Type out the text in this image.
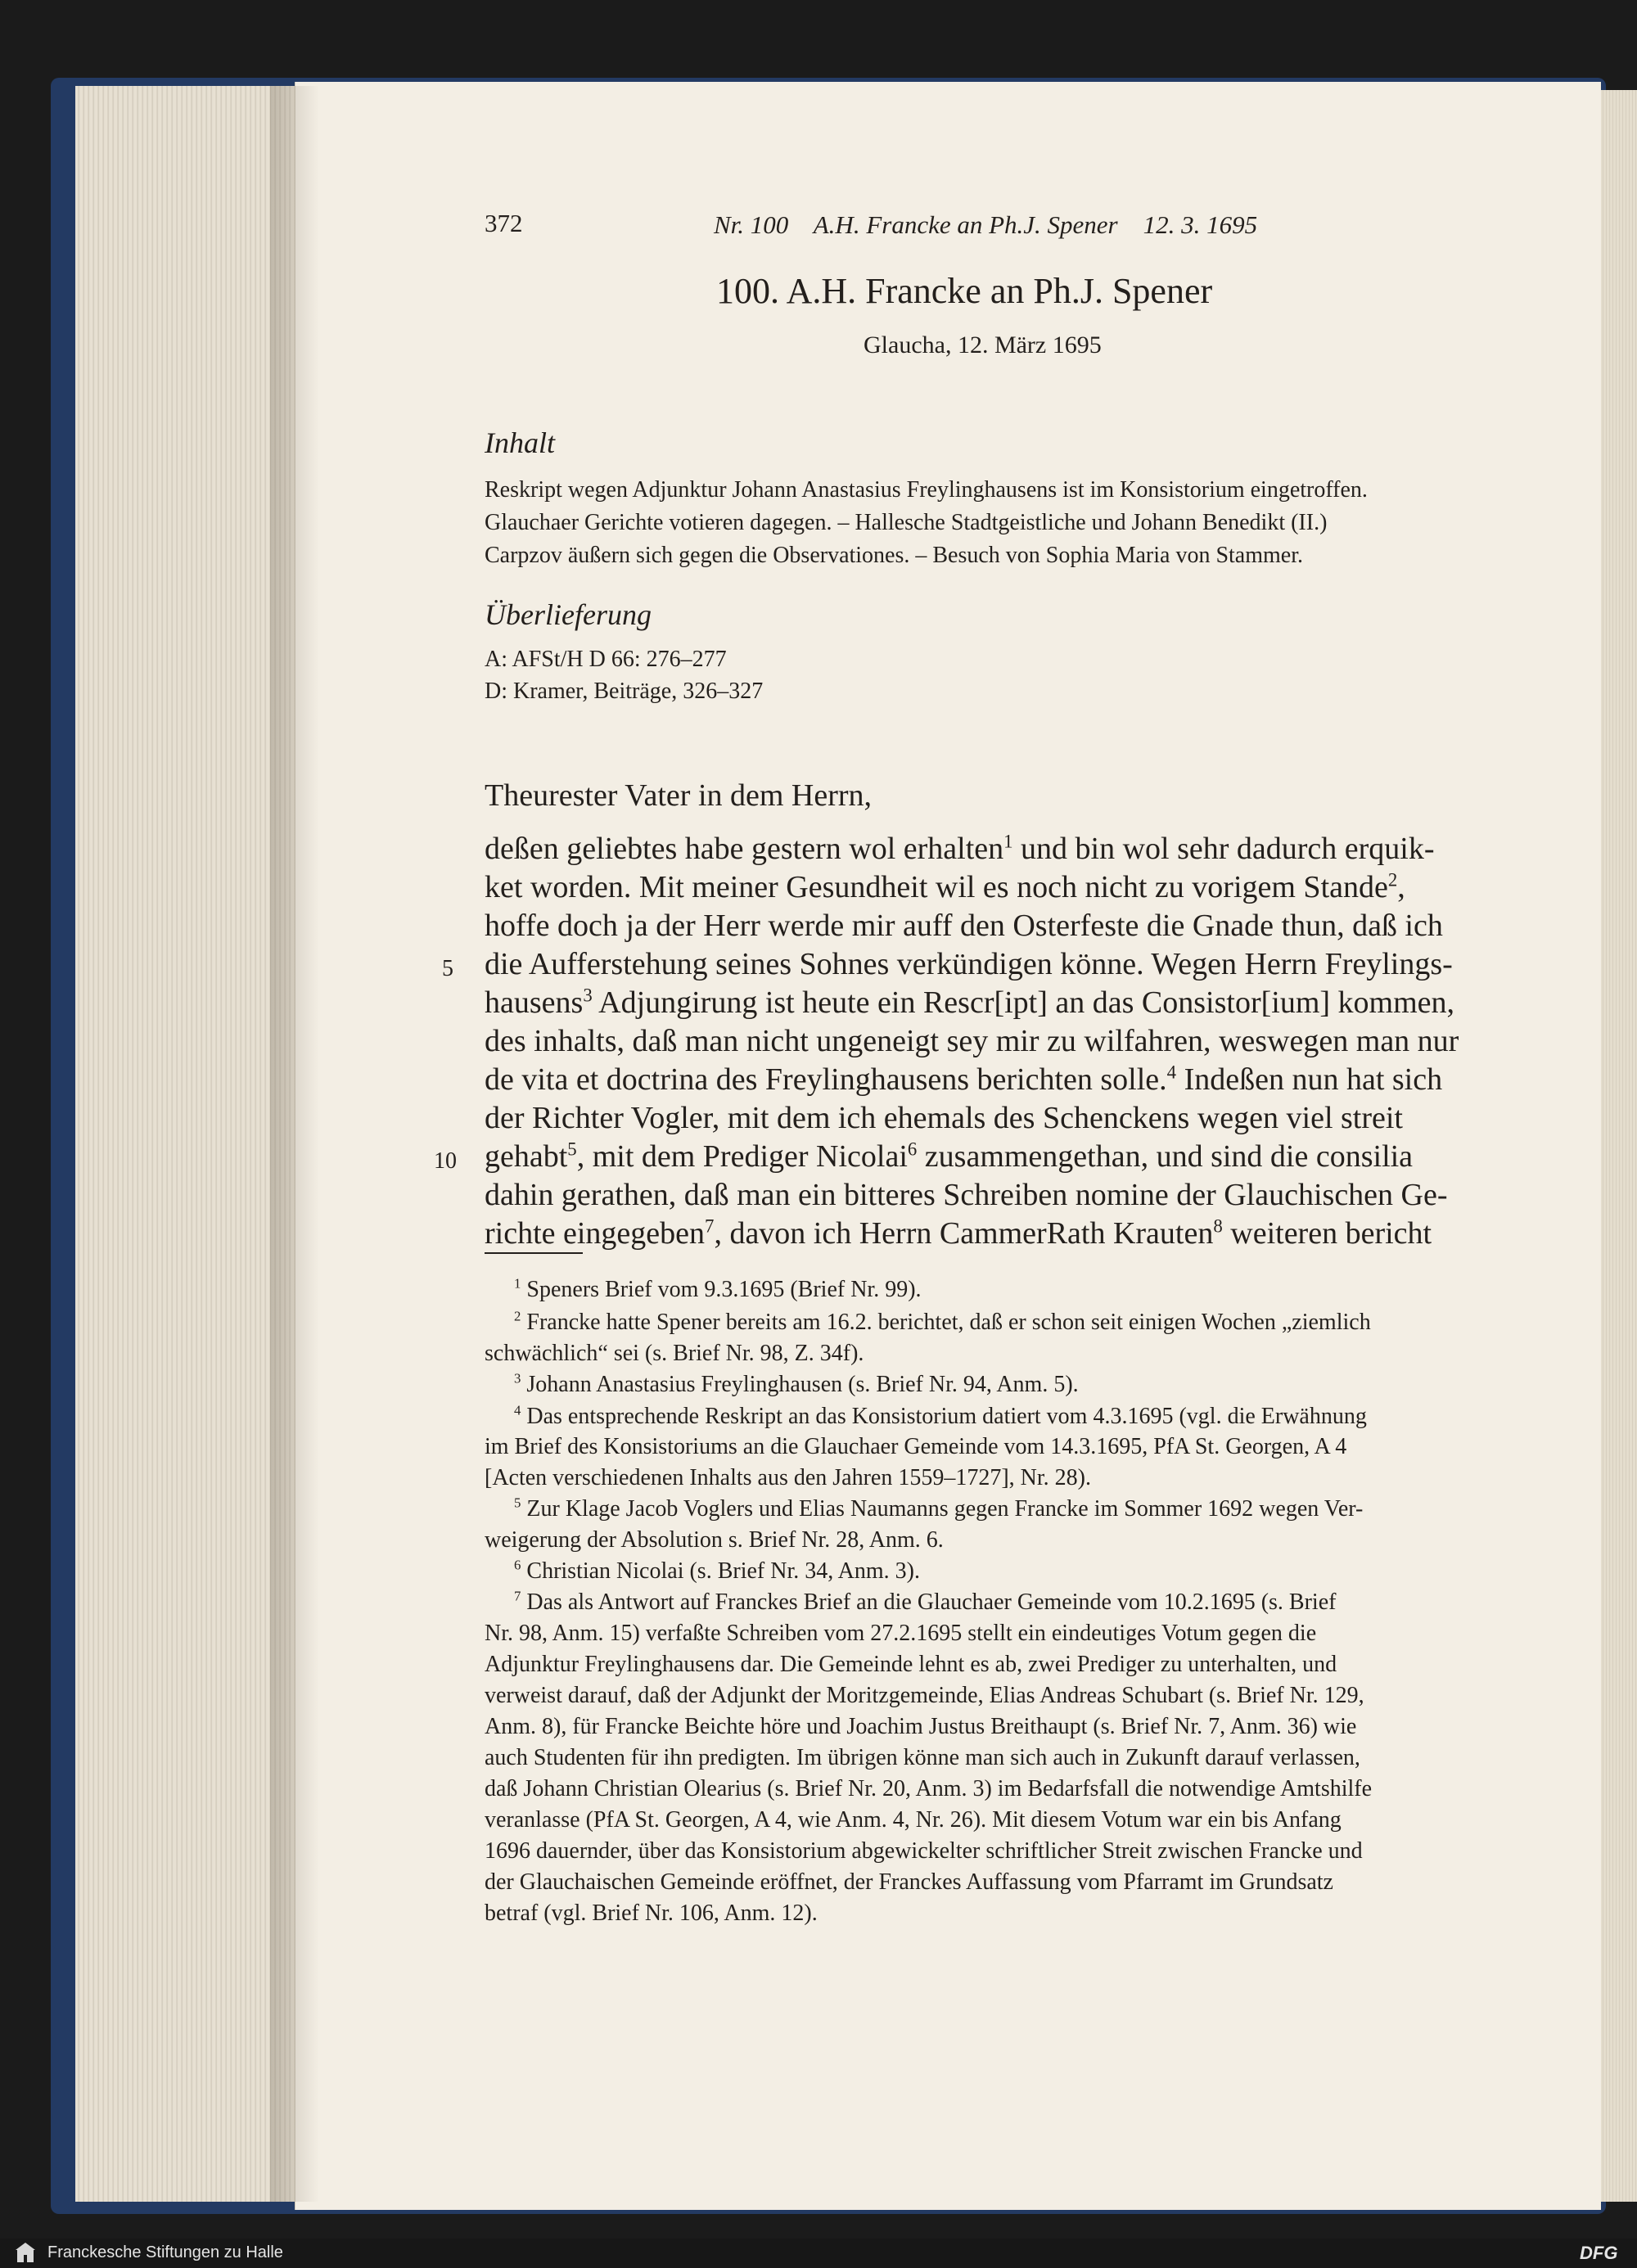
372	Nr. 100    A.H. Francke an Ph.J. Spener    12. 3. 1695
100. A.H. Francke an Ph.J. Spener
Glaucha, 12. März 1695
Inhalt
Reskript wegen Adjunktur Johann Anastasius Freylinghausens ist im Konsistorium eingetroffen.
Glauchaer Gerichte votieren dagegen. – Hallesche Stadtgeistliche und Johann Benedikt (II.)
Carpzov äußern sich gegen die Observationes. – Besuch von Sophia Maria von Stammer.
Überlieferung
A: AFSt/H D 66: 276–277
D: Kramer, Beiträge, 326–327
Theurester Vater in dem Herrn,
deßen geliebtes habe gestern wol erhalten$^1$ und bin wol sehr dadurch erquik-
ket worden. Mit meiner Gesundheit wil es noch nicht zu vorigem Stande$^2$,
hoffe doch ja der Herr werde mir auff den Osterfeste die Gnade thun, daß ich
die Aufferstehung seines Sohnes verkündigen könne. Wegen Herrn Freylings-
hausens$^3$ Adjungirung ist heute ein Rescr[ipt] an das Consistor[ium] kommen,
des inhalts, daß man nicht ungeneigt sey mir zu wilfahren, weswegen man nur
de vita et doctrina des Freylinghausens berichten solle.$^4$ Indeßen nun hat sich
der Richter Vogler, mit dem ich ehemals des Schenckens wegen viel streit
gehabt$^5$, mit dem Prediger Nicolai$^6$ zusammengethan, und sind die consilia
dahin gerathen, daß man ein bitteres Schreiben nomine der Glauchischen Ge-
richte eingegeben$^7$, davon ich Herrn CammerRath Krauten$^8$ weiteren bericht
5
10
$^1$ Speners Brief vom 9.3.1695 (Brief Nr. 99).
$^2$ Francke hatte Spener bereits am 16.2. berichtet, daß er schon seit einigen Wochen „ziemlich
schwächlich“ sei (s. Brief Nr. 98, Z. 34f).
$^3$ Johann Anastasius Freylinghausen (s. Brief Nr. 94, Anm. 5).
$^4$ Das entsprechende Reskript an das Konsistorium datiert vom 4.3.1695 (vgl. die Erwähnung
im Brief des Konsistoriums an die Glauchaer Gemeinde vom 14.3.1695, PfA St. Georgen, A 4
[Acten verschiedenen Inhalts aus den Jahren 1559–1727], Nr. 28).
$^5$ Zur Klage Jacob Voglers und Elias Naumanns gegen Francke im Sommer 1692 wegen Ver-
weigerung der Absolution s. Brief Nr. 28, Anm. 6.
$^6$ Christian Nicolai (s. Brief Nr. 34, Anm. 3).
$^7$ Das als Antwort auf Franckes Brief an die Glauchaer Gemeinde vom 10.2.1695 (s. Brief
Nr. 98, Anm. 15) verfaßte Schreiben vom 27.2.1695 stellt ein eindeutiges Votum gegen die
Adjunktur Freylinghausens dar. Die Gemeinde lehnt es ab, zwei Prediger zu unterhalten, und
verweist darauf, daß der Adjunkt der Moritzgemeinde, Elias Andreas Schubart (s. Brief Nr. 129,
Anm. 8), für Francke Beichte höre und Joachim Justus Breithaupt (s. Brief Nr. 7, Anm. 36) wie
auch Studenten für ihn predigten. Im übrigen könne man sich auch in Zukunft darauf verlassen,
daß Johann Christian Olearius (s. Brief Nr. 20, Anm. 3) im Bedarfsfall die notwendige Amtshilfe
veranlasse (PfA St. Georgen, A 4, wie Anm. 4, Nr. 26). Mit diesem Votum war ein bis Anfang
1696 dauernder, über das Konsistorium abgewickelter schriftlicher Streit zwischen Francke und
der Glauchaischen Gemeinde eröffnet, der Franckes Auffassung vom Pfarramt im Grundsatz
betraf (vgl. Brief Nr. 106, Anm. 12).
Franckesche Stiftungen zu Halle	DFG
